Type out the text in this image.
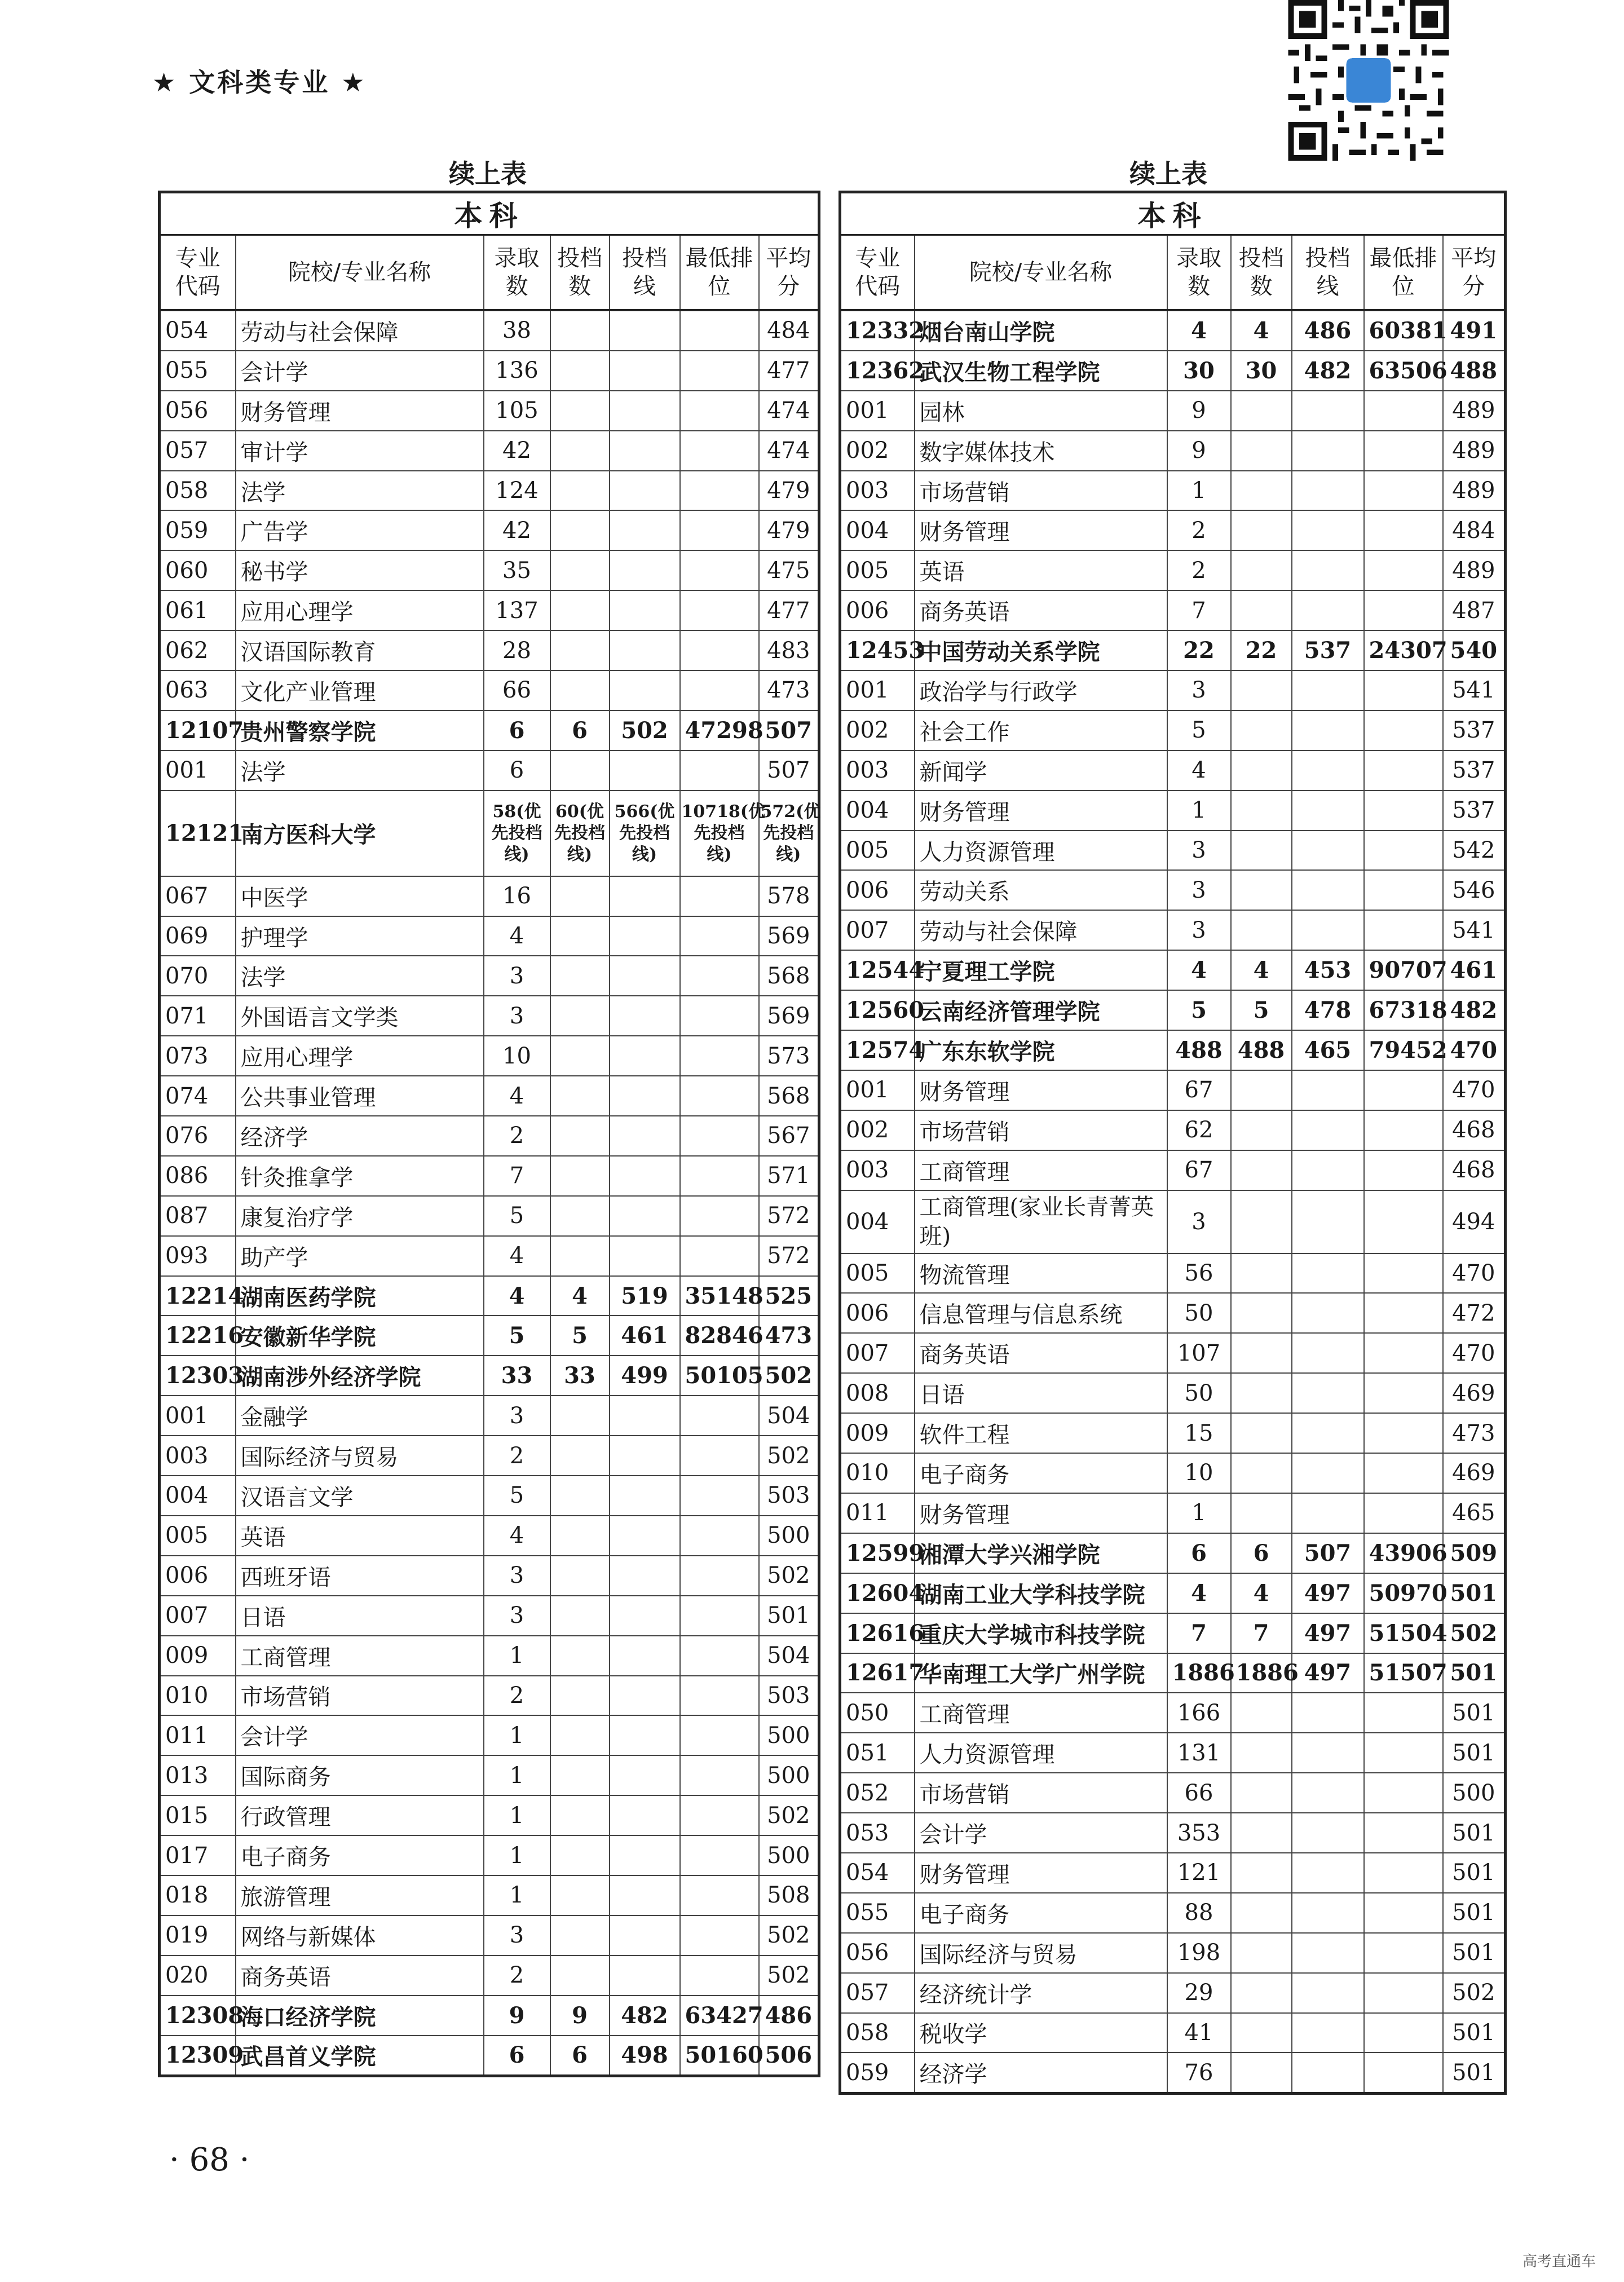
★ 文科类专业 ★
续上表	续上表
本科						
专业代码	院校/专业名称	录取数	投档数	投档线	最低排位	平均分
054	劳动与社会保障	38				484
055	会计学	136				477
056	财务管理	105				474
057	审计学	42				474
058	法学	124				479
059	广告学	42				479
060	秘书学	35				475
061	应用心理学	137				477
062	汉语国际教育	28				483
063	文化产业管理	66				473
12107	贵州警察学院	6	6	502	47298	507
001	法学	6				507
12121	南方医科大学	58(优先投档线)	60(优先投档线)	566(优先投档线)	10718(优先投档线)	572(优先投档线)
067	中医学	16				578
069	护理学	4				569
070	法学	3				568
071	外国语言文学类	3				569
073	应用心理学	10				573
074	公共事业管理	4				568
076	经济学	2				567
086	针灸推拿学	7				571
087	康复治疗学	5				572
093	助产学	4				572
12214	湖南医药学院	4	4	519	35148	525
12216	安徽新华学院	5	5	461	82846	473
12303	湖南涉外经济学院	33	33	499	50105	502
001	金融学	3				504
003	国际经济与贸易	2				502
004	汉语言文学	5				503
005	英语	4				500
006	西班牙语	3				502
007	日语	3				501
009	工商管理	1				504
010	市场营销	2				503
011	会计学	1				500
013	国际商务	1				500
015	行政管理	1				502
017	电子商务	1				500
018	旅游管理	1				508
019	网络与新媒体	3				502
020	商务英语	2				502
12308	海口经济学院	9	9	482	63427	486
12309	武昌首义学院	6	6	498	50160	506
本科						
专业代码	院校/专业名称	录取数	投档数	投档线	最低排位	平均分
12332	烟台南山学院	4	4	486	60381	491
12362	武汉生物工程学院	30	30	482	63506	488
001	园林	9				489
002	数字媒体技术	9				489
003	市场营销	1				489
004	财务管理	2				484
005	英语	2				489
006	商务英语	7				487
12453	中国劳动关系学院	22	22	537	24307	540
001	政治学与行政学	3				541
002	社会工作	5				537
003	新闻学	4				537
004	财务管理	1				537
005	人力资源管理	3				542
006	劳动关系	3				546
007	劳动与社会保障	3				541
12544	宁夏理工学院	4	4	453	90707	461
12560	云南经济管理学院	5	5	478	67318	482
12574	广东东软学院	488	488	465	79452	470
001	财务管理	67				470
002	市场营销	62				468
003	工商管理	67				468
004	工商管理(家业长青菁英班)	3				494
005	物流管理	56				470
006	信息管理与信息系统	50				472
007	商务英语	107				470
008	日语	50				469
009	软件工程	15				473
010	电子商务	10				469
011	财务管理	1				465
12599	湘潭大学兴湘学院	6	6	507	43906	509
12604	湖南工业大学科技学院	4	4	497	50970	501
12616	重庆大学城市科技学院	7	7	497	51504	502
12617	华南理工大学广州学院	1886	1886	497	51507	501
050	工商管理	166				501
051	人力资源管理	131				501
052	市场营销	66				500
053	会计学	353				501
054	财务管理	121				501
055	电子商务	88				501
056	国际经济与贸易	198				501
057	经济统计学	29				502
058	税收学	41				501
059	经济学	76				501
· 68 ·
高考直通车
